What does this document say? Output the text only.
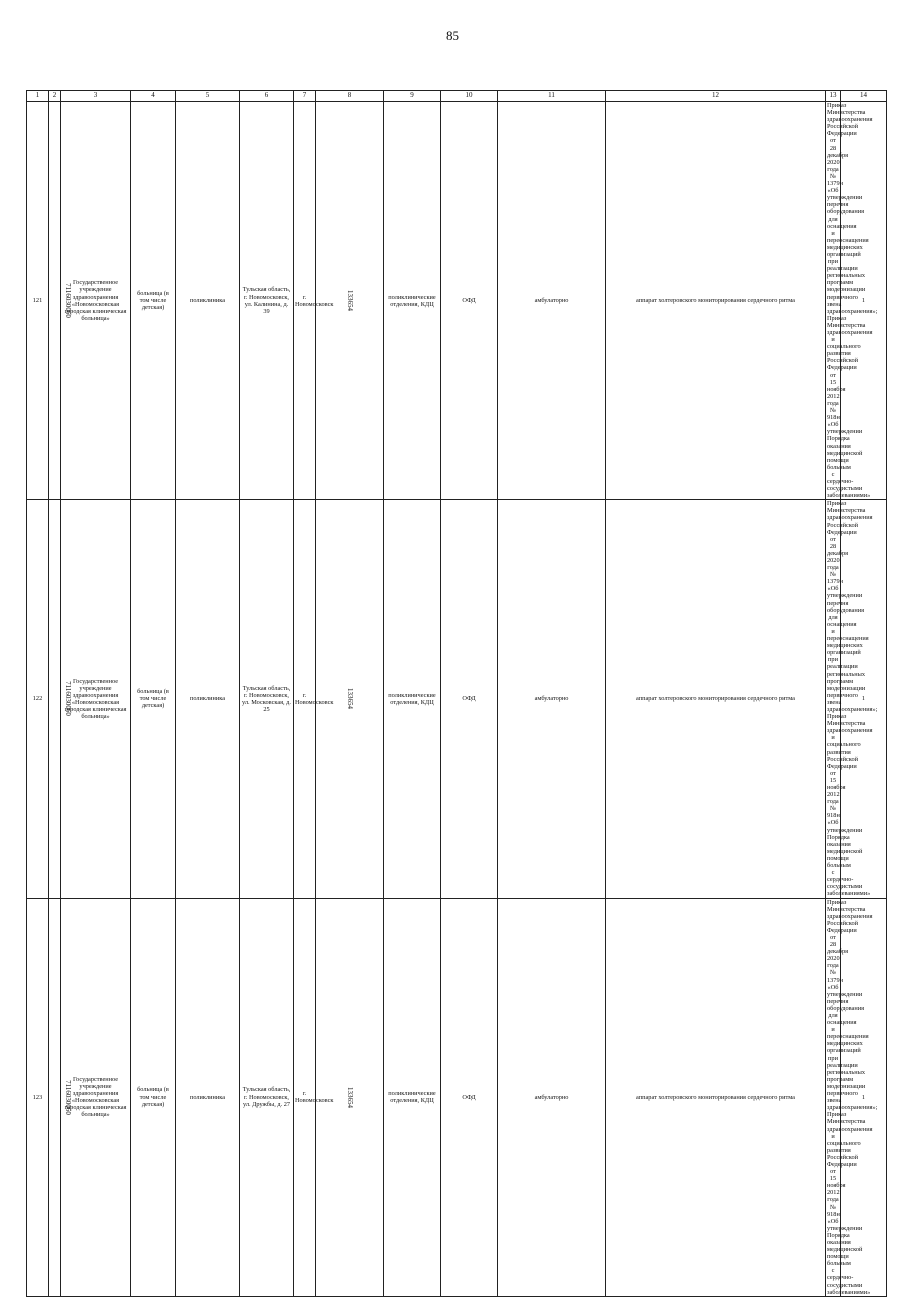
85
1	2	3	4	5	6	7	8	9	10	11	12	13	14	
121	7116030060	Государственное учреждение здравоохранения «Новомосковская городская клиническая больница»	больница (в том числе детская)	поликлиника	Тульская область, г. Новомосковск, ул. Калинина, д. 39	г. Новомосковск	133654	поликлинические отделения, КДЦ	ОФД	амбулаторно	аппарат холтеровского мониторирования сердечного ритма	Приказ Министерства здравоохранения Российской Федерации от 28 декабря 2020 года № 1379н «Об утверждении перечня оборудования для оснащения и переоснащения медицинских организаций при реализации региональных программ модернизации первичного звена здравоохранения»; Приказ Министерства здравоохранения и социального развития Российской Федерации от 15 ноября 2012 года № 918н «Об утверждении Порядка оказания медицинской помощи больным с сердечно-сосудистыми заболеваниями»	1	
122	7116030060	Государственное учреждение здравоохранения «Новомосковская городская клиническая больница»	больница (в том числе детская)	поликлиника	Тульская область, г. Новомосковск, ул. Московская, д. 25	г. Новомосковск	133654	поликлинические отделения, КДЦ	ОФД	амбулаторно	аппарат холтеровского мониторирования сердечного ритма	Приказ Министерства здравоохранения Российской Федерации от 28 декабря 2020 года № 1379н «Об утверждении перечня оборудования для оснащения и переоснащения медицинских организаций при реализации региональных программ модернизации первичного звена здравоохранения»; Приказ Министерства здравоохранения и социального развития Российской Федерации от 15 ноября 2012 года № 918н «Об утверждении Порядка оказания медицинской помощи больным с сердечно-сосудистыми заболеваниями»	1	
123	7116030060	Государственное учреждение здравоохранения «Новомосковская городская клиническая больница»	больница (в том числе детская)	поликлиника	Тульская область, г. Новомосковск, ул. Дружбы, д. 27	г. Новомосковск	133654	поликлинические отделения, КДЦ	ОФД	амбулаторно	аппарат холтеровского мониторирования сердечного ритма	Приказ Министерства здравоохранения Российской Федерации от 28 декабря 2020 года № 1379н «Об утверждении перечня оборудования для оснащения и переоснащения медицинских организаций при реализации региональных программ модернизации первичного звена здравоохранения»; Приказ Министерства здравоохранения и социального развития Российской Федерации от 15 ноября 2012 года № 918н «Об утверждении Порядка оказания медицинской помощи больным с сердечно-сосудистыми заболеваниями»	1	
